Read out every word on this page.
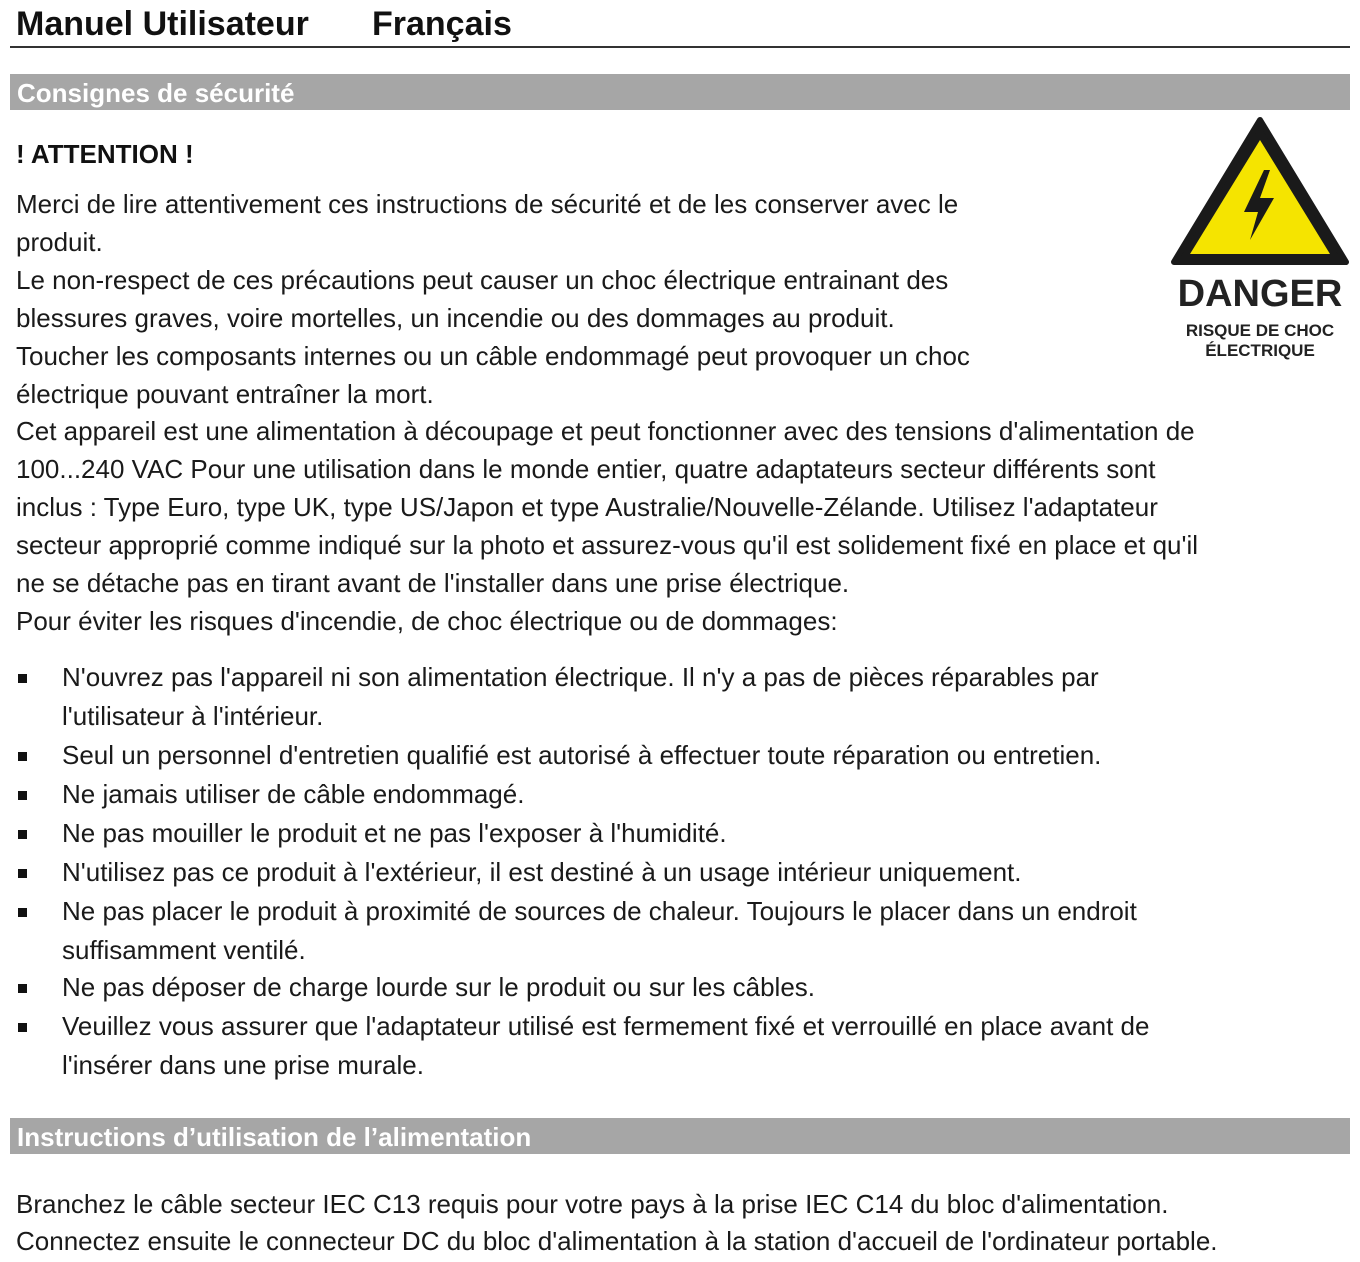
Manuel Utilisateur Français
Consignes de sécurité
! ATTENTION !
Merci de lire attentivement ces instructions de sécurité et de les conserver avec le
produit.
Le non-respect de ces précautions peut causer un choc électrique entrainant des
blessures graves, voire mortelles, un incendie ou des dommages au produit.
Toucher les composants internes ou un câble endommagé peut provoquer un choc
électrique pouvant entraîner la mort.
Cet appareil est une alimentation à découpage et peut fonctionner avec des tensions d'alimentation de
100...240 VAC Pour une utilisation dans le monde entier, quatre adaptateurs secteur différents sont
inclus : Type Euro, type UK, type US/Japon et type Australie/Nouvelle-Zélande. Utilisez l'adaptateur
secteur approprié comme indiqué sur la photo et assurez-vous qu'il est solidement fixé en place et qu'il
ne se détache pas en tirant avant de l'installer dans une prise électrique.
Pour éviter les risques d'incendie, de choc électrique ou de dommages:
N'ouvrez pas l'appareil ni son alimentation électrique. Il n'y a pas de pièces réparables par
l'utilisateur à l'intérieur.
Seul un personnel d'entretien qualifié est autorisé à effectuer toute réparation ou entretien.
Ne jamais utiliser de câble endommagé.
Ne pas mouiller le produit et ne pas l'exposer à l'humidité.
N'utilisez pas ce produit à l'extérieur, il est destiné à un usage intérieur uniquement.
Ne pas placer le produit à proximité de sources de chaleur. Toujours le placer dans un endroit
suffisamment ventilé.
Ne pas déposer de charge lourde sur le produit ou sur les câbles.
Veuillez vous assurer que l'adaptateur utilisé est fermement fixé et verrouillé en place avant de
l'insérer dans une prise murale.
DANGER
RISQUE DE CHOC
ÉLECTRIQUE
Instructions d’utilisation de l’alimentation
Branchez le câble secteur IEC C13 requis pour votre pays à la prise IEC C14 du bloc d'alimentation.
Connectez ensuite le connecteur DC du bloc d'alimentation à la station d'accueil de l'ordinateur portable.
